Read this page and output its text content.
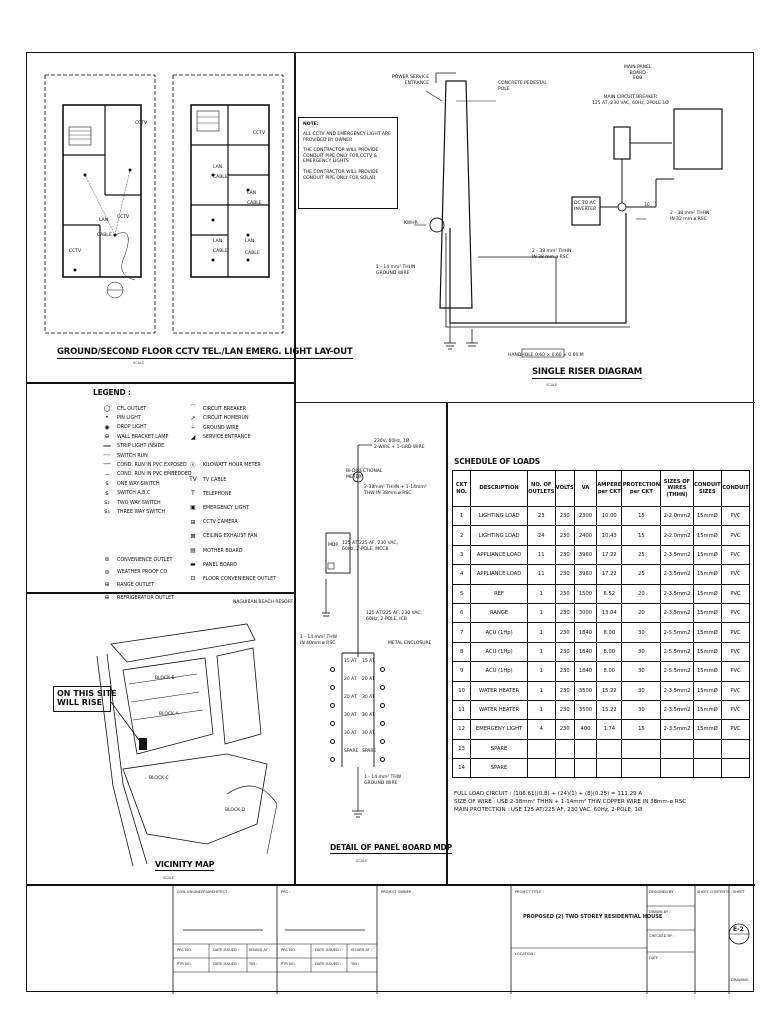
CCTV
LAN
CABLE
CCTV
CCTV
CCTV
LAN
CABLE
LAN
CABLE
LAN
CABLE
LAN
CABLE
GROUND/SECOND FLOOR CCTV TEL./LAN EMERG. LIGHT LAY-OUT
SCALE
NOTE:
ALL CCTV AND EMERGENCY LIGHT ARE PROVIDED BY OWNER
THE CONTRACTOR WILL PROVIDE CONDUIT PIPE ONLY FOR CCTV & EMERGENCY LIGHTS
THE CONTRACTOR WILL PROVIDE CONDUIT PIPE ONLY FOR SOLAR
POWER SERVICE
ENTRANCE	CONCRETE PEDESTAL
POLE
MAIN PANEL
BOARD
EOB
MAIN CIRCUIT BREAKER
125 AT, 230 VAC, 60Hz, 2POLE 1Ø
KWHR
DC TO AC
INVERTER
10
1 - 14 mm² THHN
GROUND WIRE
2 - 38 mm² THHN
IN 38 mm ø RSC
2 - 38 mm² THHN
IN 32 mm ø RSC
HANDHOLE 0.60 × 0.60 × 0.60 M
SINGLE RISER DIAGRAM
SCALE
LEGEND :
◯	CFL OUTLET
•	PIN LIGHT
◉	DROP LIGHT
⊖	WALL BRACKET LAMP
━━	STRIP LIGHT INSIDE
╌╌	SWITCH RUN
──	COND. RUN IN PVC EXPOSED
‐‐	COND. RUN IN PVC EMBEDDED
s	ONE WAY SWITCH
s	SWITCH A,B,C
s₂	TWO WAY SWITCH
s₃	THREE WAY SWITCH
⊜	CONVENIENCE OUTLET
⊜	WEATHER PROOF CO
⊕	RANGE OUTLET
⊕	REFRIGERATOR OUTLET
⌒	CIRCUIT BREAKER
↗	CIRCUIT HOMERUN
⏚	GROUND WIRE
◢	SERVICE ENTRANCE
Ⓚ	KILOWATT HOUR METER
TV	TV CABLE
T	TELEPHONE
▣	EMERGENCY LIGHT
⊞	CCTV CAMERA
⊠	CEILING EXHAUST FAN
▤	MOTHER BOARD
▬	PANEL BOARD
⊡	FLOOR CONVENIENCE OUTLET
ON THIS SITE
WILL RISE
BLOCK B
BLOCK A
BLOCK C
BLOCK D
NAGUIBAN BEACH RESORT
VICINITY MAP
SCALE
15 AT 15 AT
20 AT 20 AT
20 AT 30 AT
30 AT 30 AT
30 AT 30 AT
SPARE SPARE
230V, 60Hz, 1Ø
2-WIRE + 1-GRD WIRE
BI-DIRECTIONAL
METER
2-38mm² THHN + 1-14mm²
THW IN 38mm ø RSC
MDP 125 AT/225 AF, 230 VAC,
60Hz, 2-POLE, MCCB
125 AT/225 AF, 230 VAC,
60Hz, 2-POLE, ICB
1 - 14 mm² THW
IN 40mm ø RSC	METAL ENCLOSURE
1 - 14 mm² THW
GROUND WIRE
DETAIL OF PANEL BOARD MDP
SCALE
SCHEDULE OF LOADS
FULL LOAD CIRCUIT : (106.61)(0.8) + (24)(1) + (8)(0.25) = 111.29 A
SIZE OF WIRE : USE 2-38mm² THHN + 1-14mm² THW COPPER WIRE IN 38mm-ø RSC
MAIN PROTECTION : USE 125 AT/225 AF, 230 VAC, 60Hz, 2-POLE, 1Ø
CIVIL ENGINEER/ARCHITECT :	PRC :	PROJECT OWNER :	PROJECT TITLE :
PROPOSED (2) TWO STOREY RESIDENTIAL HOUSE
LOCATION :
DESIGNED BY :
DRAWN BY :
CHECKED BY :
DATE :
SHEET CONTENTS : SHEET
E-2
DRAWING
PRC NO.	DATE ISSUED :	ISSUED AT :	PRC NO.	DATE ISSUED :	ISSUED AT :
PTR NO.	DATE ISSUED :	TIN :	PTR NO.	DATE ISSUED :	TIN :
CKT NO.	DESCRIPTION	NO. OF OUTLETS	VOLTS	VA	AMPERE per CKT	PROTECTION per CKT	SIZES OF WIRES (THHN)	CONDUIT SIZES	CONDUIT
1	LIGHTING LOAD	23	230	2300	10.00	15	2-2.0mm2	15mmØ	PVC
2	LIGHTING LOAD	24	230	2400	10.43	15	2-2.0mm2	15mmØ	PVC
3	APPLIANCE LOAD	11	230	3960	17.22	25	2-3.5mm2	15mmØ	PVC
4	APPLIANCE LOAD	11	230	3960	17.22	25	2-3.5mm2	15mmØ	PVC
5	REF	1	230	1500	6.52	20	2-3.5mm2	15mmØ	PVC
6	RANGE	1	230	3000	13.04	20	2-3.5mm2	15mmØ	PVC
7	ACU (1Hp)	1	230	1840	8.00	30	2-5.5mm2	15mmØ	PVC
8	ACU (1Hp)	1	230	1840	8.00	30	2-5.5mm2	15mmØ	PVC
9	ACU (1Hp)	1	230	1840	8.00	30	2-5.5mm2	15mmØ	PVC
10	WATER HEATER	1	230	3500	15.22	30	2-3.5mm2	15mmØ	PVC
11	WATER HEATER	1	230	3500	15.22	30	2-3.5mm2	15mmØ	PVC
12	EMERGENY LIGHT	4	230	400	1.74	15	2-3.5mm2	15mmØ	PVC
13	SPARE								
14	SPARE								
